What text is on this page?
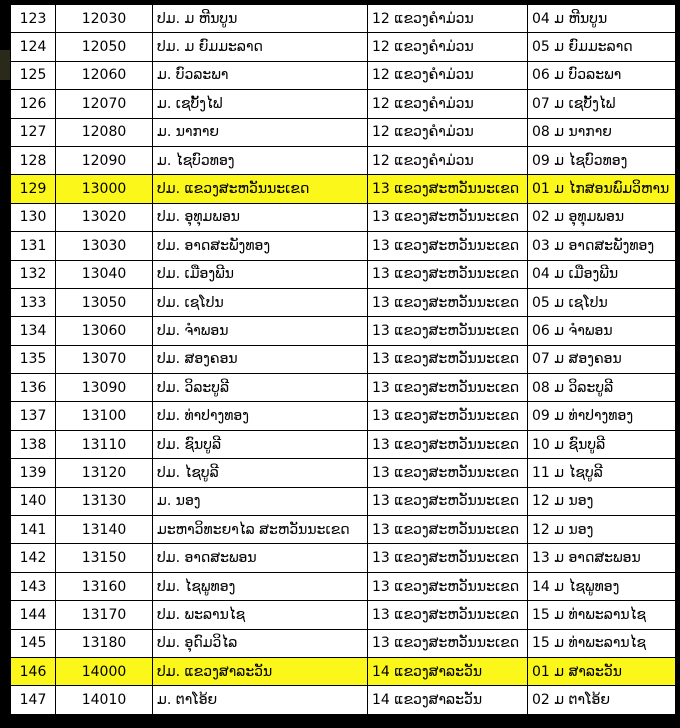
123	12030	ປມ. ມ ຫີນບູນ	12 ແຂວງຄໍາມ່ວນ	04 ມ ຫີນບູນ
124	12050	ປມ. ມ ຍົມມະລາດ	12 ແຂວງຄໍາມ່ວນ	05 ມ ຍົມມະລາດ
125	12060	ມ. ບົວລະພາ	12 ແຂວງຄໍາມ່ວນ	06 ມ ບົວລະພາ
126	12070	ມ. ເຊບັ້ງໄຟ	12 ແຂວງຄໍາມ່ວນ	07 ມ ເຊບັ້ງໄຟ
127	12080	ມ. ນາກາຍ	12 ແຂວງຄໍາມ່ວນ	08 ມ ນາກາຍ
128	12090	ມ. ໄຊບົວທອງ	12 ແຂວງຄໍາມ່ວນ	09 ມ ໄຊບົວທອງ
129	13000	ປມ. ແຂວງສະຫວັນນະເຂດ	13 ແຂວງສະຫວັນນະເຂດ	01 ມ ໄກສອນພົມວິຫານ
130	13020	ປມ. ອຸທຸມພອນ	13 ແຂວງສະຫວັນນະເຂດ	02 ມ ອຸທຸມພອນ
131	13030	ປມ. ອາດສະພັງທອງ	13 ແຂວງສະຫວັນນະເຂດ	03 ມ ອາດສະພັງທອງ
132	13040	ປມ. ເມືອງພີນ	13 ແຂວງສະຫວັນນະເຂດ	04 ມ ເມືອງພີນ
133	13050	ປມ. ເຊໂປນ	13 ແຂວງສະຫວັນນະເຂດ	05 ມ ເຊໂປນ
134	13060	ປມ. ຈໍາພອນ	13 ແຂວງສະຫວັນນະເຂດ	06 ມ ຈໍາພອນ
135	13070	ປມ. ສອງຄອນ	13 ແຂວງສະຫວັນນະເຂດ	07 ມ ສອງຄອນ
136	13090	ປມ. ວິລະບູລີ	13 ແຂວງສະຫວັນນະເຂດ	08 ມ ວິລະບູລີ
137	13100	ປມ. ທ່າປາງທອງ	13 ແຂວງສະຫວັນນະເຂດ	09 ມ ທ່າປາງທອງ
138	13110	ປມ. ຊົນບູລີ	13 ແຂວງສະຫວັນນະເຂດ	10 ມ ຊົນບູລີ
139	13120	ປມ. ໄຊບູລີ	13 ແຂວງສະຫວັນນະເຂດ	11 ມ ໄຊບູລີ
140	13130	ມ. ນອງ	13 ແຂວງສະຫວັນນະເຂດ	12 ມ ນອງ
141	13140	ມະຫາວິທະຍາໄລ ສະຫວັນນະເຂດ	13 ແຂວງສະຫວັນນະເຂດ	12 ມ ນອງ
142	13150	ປມ. ອາດສະພອນ	13 ແຂວງສະຫວັນນະເຂດ	13 ມ ອາດສະພອນ
143	13160	ປມ. ໄຊພູທອງ	13 ແຂວງສະຫວັນນະເຂດ	14 ມ ໄຊພູທອງ
144	13170	ປມ. ພະລານໄຊ	13 ແຂວງສະຫວັນນະເຂດ	15 ມ ທ່າພະລານໄຊ
145	13180	ປມ. ອຸດົມວິໄລ	13 ແຂວງສະຫວັນນະເຂດ	15 ມ ທ່າພະລານໄຊ
146	14000	ປມ. ແຂວງສາລະວັນ	14 ແຂວງສາລະວັນ	01 ມ ສາລະວັນ
147	14010	ມ. ຕາໂອ້ຍ	14 ແຂວງສາລະວັນ	02 ມ ຕາໂອ້ຍ
